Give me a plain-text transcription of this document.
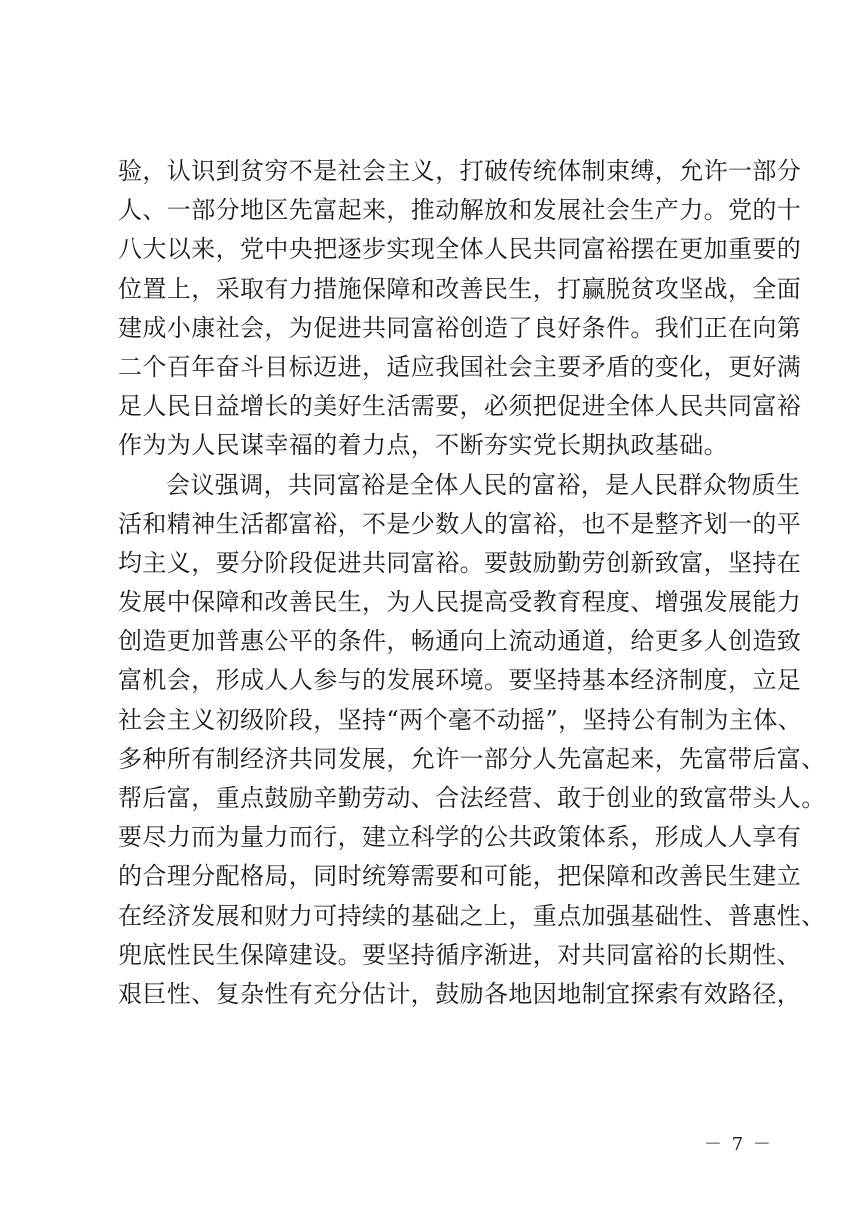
验，认识到贫穷不是社会主义，打破传统体制束缚，允许一部分
人、一部分地区先富起来，推动解放和发展社会生产力。党的十
八大以来，党中央把逐步实现全体人民共同富裕摆在更加重要的
位置上，采取有力措施保障和改善民生，打赢脱贫攻坚战，全面
建成小康社会，为促进共同富裕创造了良好条件。我们正在向第
二个百年奋斗目标迈进，适应我国社会主要矛盾的变化，更好满
足人民日益增长的美好生活需要，必须把促进全体人民共同富裕
作为为人民谋幸福的着力点，不断夯实党长期执政基础。
会议强调，共同富裕是全体人民的富裕，是人民群众物质生
活和精神生活都富裕，不是少数人的富裕，也不是整齐划一的平
均主义，要分阶段促进共同富裕。要鼓励勤劳创新致富，坚持在
发展中保障和改善民生，为人民提高受教育程度、增强发展能力
创造更加普惠公平的条件，畅通向上流动通道，给更多人创造致
富机会，形成人人参与的发展环境。要坚持基本经济制度，立足
社会主义初级阶段，坚持“两个毫不动摇”，坚持公有制为主体、
多种所有制经济共同发展，允许一部分人先富起来，先富带后富、
帮后富，重点鼓励辛勤劳动、合法经营、敢于创业的致富带头人。
要尽力而为量力而行，建立科学的公共政策体系，形成人人享有
的合理分配格局，同时统筹需要和可能，把保障和改善民生建立
在经济发展和财力可持续的基础之上，重点加强基础性、普惠性、
兜底性民生保障建设。要坚持循序渐进，对共同富裕的长期性、
艰巨性、复杂性有充分估计，鼓励各地因地制宜探索有效路径，
－ 7 －
